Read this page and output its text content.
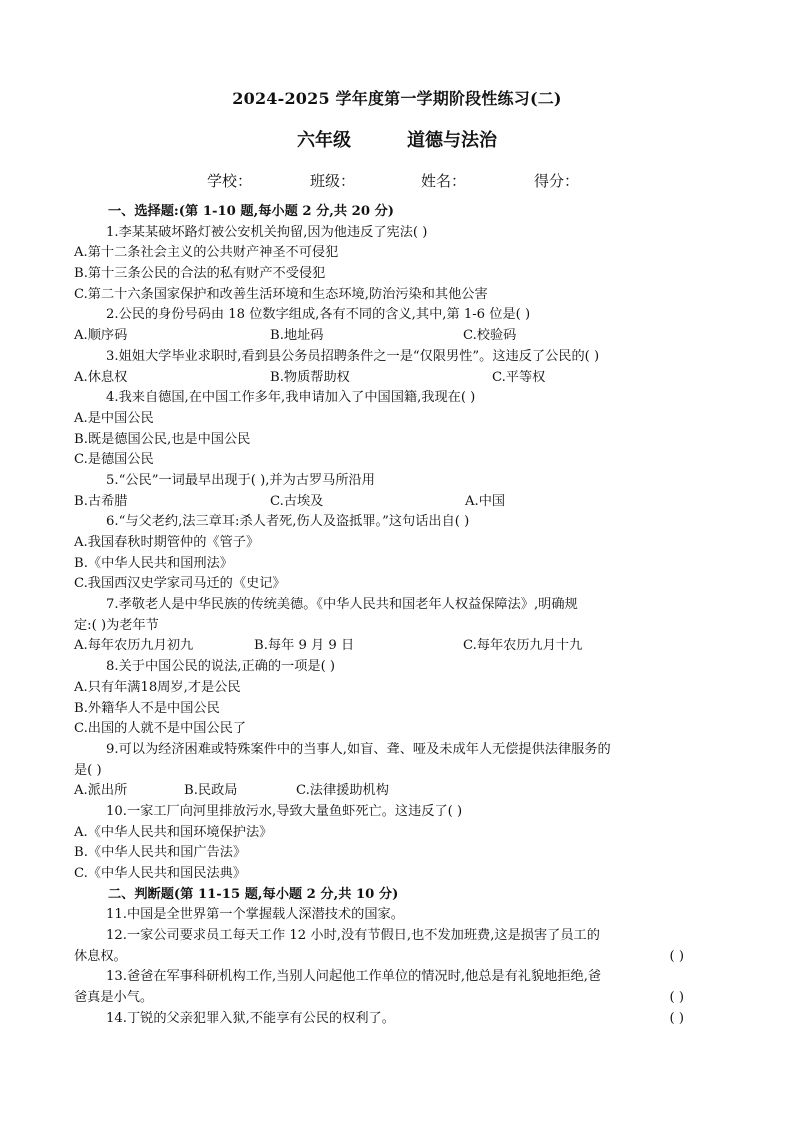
2024-2025 学年度第一学期阶段性练习(二)
六年级	道德与法治
学校：	班级：	姓名：	得分：
一、选择题:(第 1-10 题,每小题 2 分,共 20 分)
1.李某某破坏路灯被公安机关拘留,因为他违反了宪法( )
A.第十二条社会主义的公共财产神圣不可侵犯
B.第十三条公民的合法的私有财产不受侵犯
C.第二十六条国家保护和改善生活环境和生态环境,防治污染和其他公害
2.公民的身份号码由 18 位数字组成,各有不同的含义,其中,第 1-6 位是( )
A.顺序码	B.地址码	C.校验码
3.姐姐大学毕业求职时,看到县公务员招聘条件之一是“仅限男性”。这违反了公民的( )
A.休息权	B.物质帮助权	C.平等权
4.我来自德国,在中国工作多年,我申请加入了中国国籍,我现在( )
A.是中国公民
B.既是德国公民,也是中国公民
C.是德国公民
5.“公民”一词最早出现于( ),并为古罗马所沿用
B.古希腊	C.古埃及	A.中国
6.“与父老约,法三章耳:杀人者死,伤人及盗抵罪。”这句话出自( )
A.我国春秋时期管仲的《管子》
B.《中华人民共和国刑法》
C.我国西汉史学家司马迁的《史记》
7.孝敬老人是中华民族的传统美德。《中华人民共和国老年人权益保障法》,明确规
定:( )为老年节
A.每年农历九月初九	B.每年 9 月 9 日	C.每年农历九月十九
8.关于中国公民的说法,正确的一项是( )
A.只有年满18周岁,才是公民
B.外籍华人不是中国公民
C.出国的人就不是中国公民了
9.可以为经济困难或特殊案件中的当事人,如盲、聋、哑及未成年人无偿提供法律服务的
是( )
A.派出所	B.民政局	C.法律援助机构
10.一家工厂向河里排放污水,导致大量鱼虾死亡。这违反了( )
A.《中华人民共和国环境保护法》
B.《中华人民共和国广告法》
C.《中华人民共和国民法典》
二、判断题(第 11-15 题,每小题 2 分,共 10 分)
11.中国是全世界第一个掌握载人深潜技术的国家。
12.一家公司要求员工每天工作 12 小时,没有节假日,也不发加班费,这是损害了员工的
休息权。	( )
13.爸爸在军事科研机构工作,当别人问起他工作单位的情况时,他总是有礼貌地拒绝,爸
爸真是小气。	( )
14.丁锐的父亲犯罪入狱,不能享有公民的权利了。	( )
